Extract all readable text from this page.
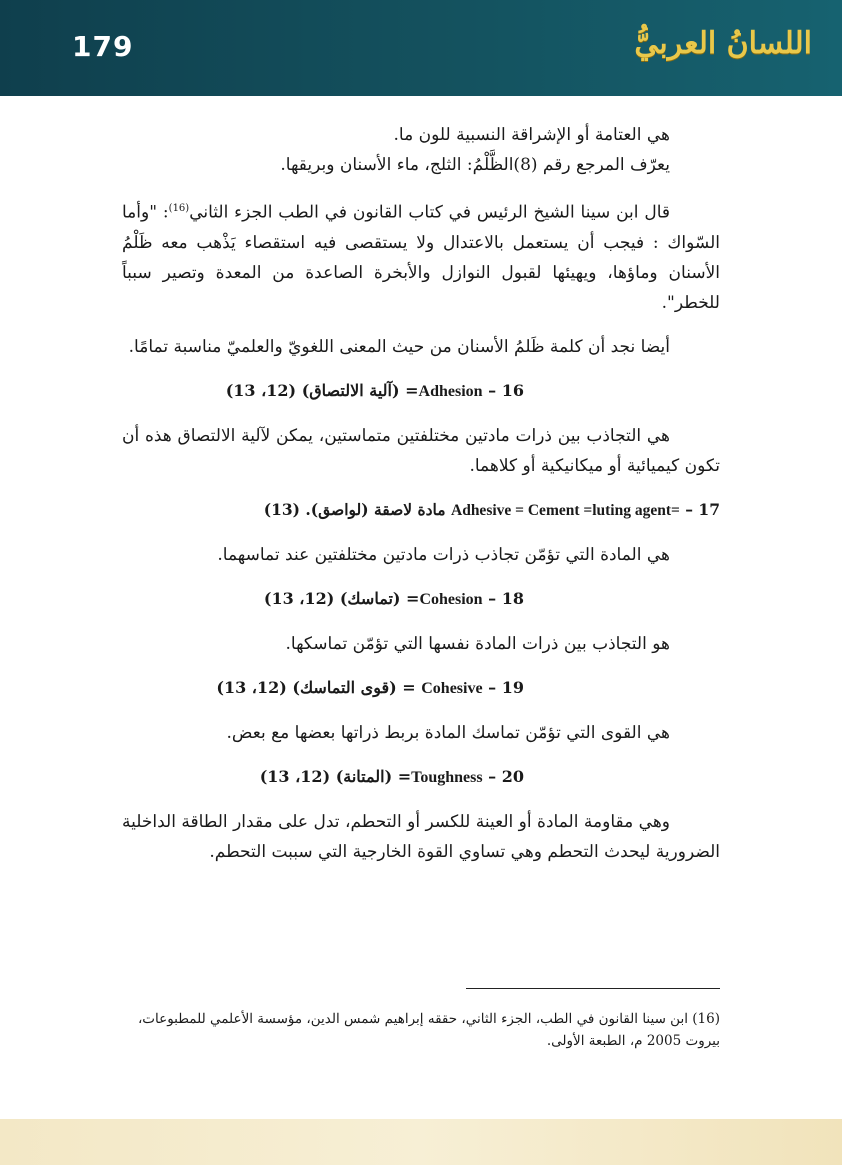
179	اللسانُ العربيُّ

هي العتامة أو الإشراقة النسبية للون ما.

يعرّف المرجع رقم (8)الظَّلْمُ: الثلج، ماء الأسنان وبريقها.

قال ابن سينا الشيخ الرئيس في كتاب القانون في الطب الجزء الثاني$^{(16)}$: "وأما السّواك : فيجب أن يستعمل بالاعتدال ولا يستقصى فيه استقصاء يَذْهب معه ظَلْمُ الأسنان وماؤها، ويهيئها لقبول النوازل والأبخرة الصاعدة من المعدة وتصير سبباً للخطر".

أيضا نجد أن كلمة ظَلمُ الأسنان من حيث المعنى اللغويّ والعلميّ مناسبة تمامًا.

16 – Adhesion= (آلية الالتصاق) (12، 13)

هي التجاذب بين ذرات مادتين مختلفتين متماستين، يمكن لآلية الالتصاق هذه أن تكون كيميائية أو ميكانيكية أو كلاهما.

17 – Adhesive = Cement =luting agent= مادة لاصقة (لواصق). (13)

هي المادة التي تؤمّن تجاذب ذرات مادتين مختلفتين عند تماسهما.

18 – Cohesion= (تماسك) (12، 13)

هو التجاذب بين ذرات المادة نفسها التي تؤمّن تماسكها.

19 – Cohesive = (قوى التماسك) (12، 13)

هي القوى التي تؤمّن تماسك المادة بربط ذراتها بعضها مع بعض.

20 – Toughness= (المتانة) (12، 13)

وهي مقاومة المادة أو العينة للكسر أو التحطم، تدل على مقدار الطاقة الداخلية الضرورية ليحدث التحطم وهي تساوي القوة الخارجية التي سببت التحطم.

(16) ابن سينا القانون في الطب، الجزء الثاني، حققه إبراهيم شمس الدين، مؤسسة الأعلمي للمطبوعات، بيروت 2005 م، الطبعة الأولى.
